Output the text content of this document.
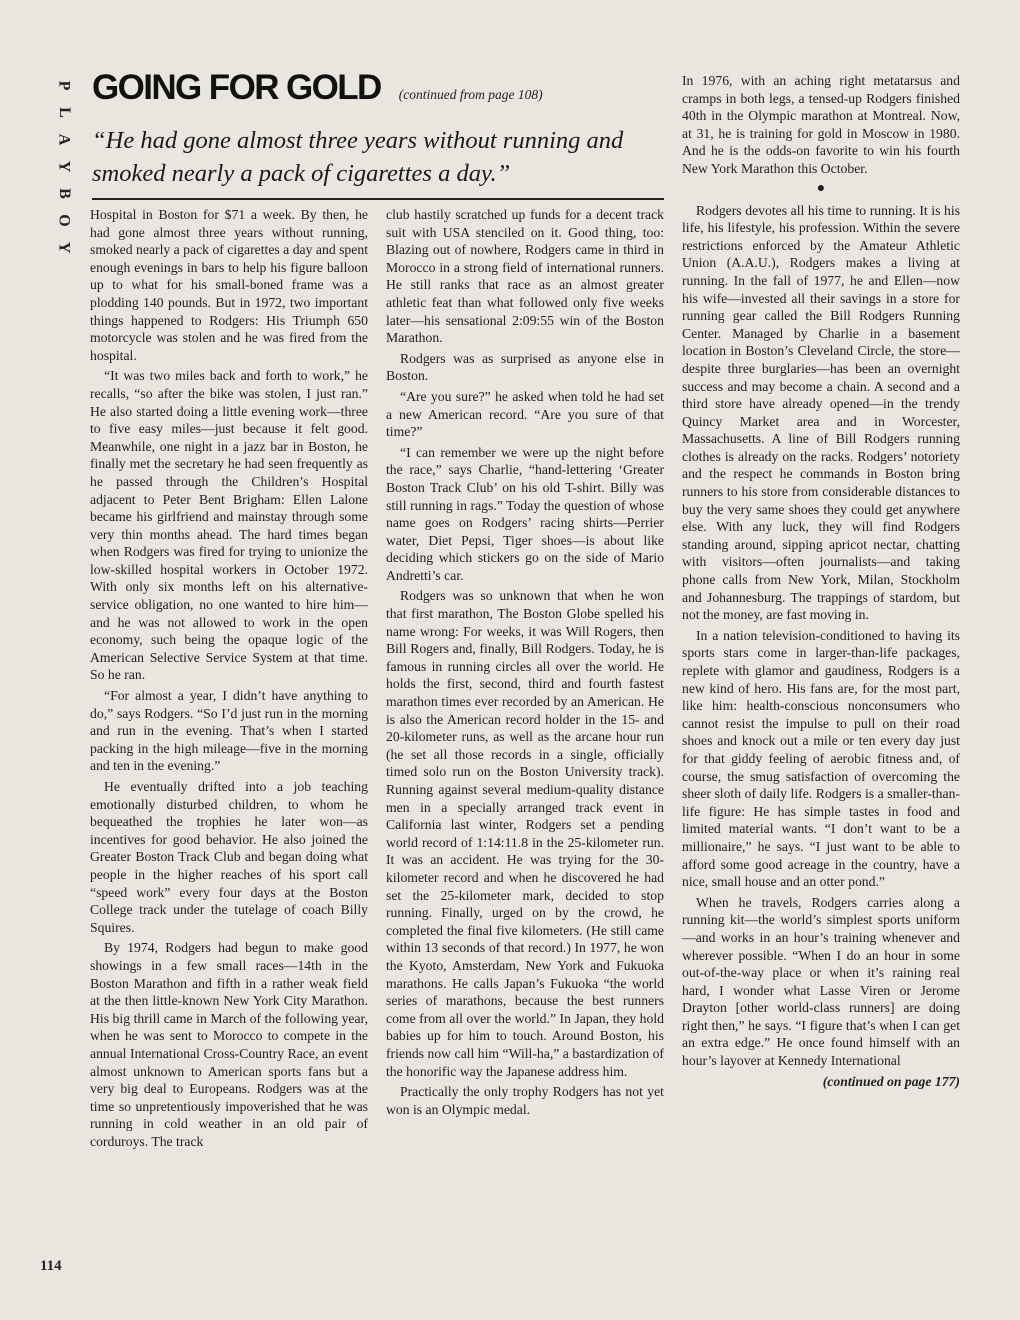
P
L
A
Y
B
O
Y
GOING FOR GOLD (continued from page 108)
“He had gone almost three years without running and smoked nearly a pack of cigarettes a day.”

Hospital in Boston for $71 a week. By then, he had gone almost three years without running, smoked nearly a pack of cigarettes a day and spent enough evenings in bars to help his figure balloon up to what for his small-boned frame was a plodding 140 pounds. But in 1972, two important things happened to Rodgers: His Triumph 650 motorcycle was stolen and he was fired from the hospital.

“It was two miles back and forth to work,” he recalls, “so after the bike was stolen, I just ran.” He also started doing a little evening work—three to five easy miles—just because it felt good. Meanwhile, one night in a jazz bar in Boston, he finally met the secretary he had seen frequently as he passed through the Children’s Hospital adjacent to Peter Bent Brigham: Ellen Lalone became his girlfriend and mainstay through some very thin months ahead. The hard times began when Rodgers was fired for trying to unionize the low-skilled hospital workers in October 1972. With only six months left on his alternative-service obligation, no one wanted to hire him—and he was not allowed to work in the open economy, such being the opaque logic of the American Selective Service System at that time. So he ran.

“For almost a year, I didn’t have anything to do,” says Rodgers. “So I’d just run in the morning and run in the evening. That’s when I started packing in the high mileage—five in the morning and ten in the evening.”

He eventually drifted into a job teaching emotionally disturbed children, to whom he bequeathed the trophies he later won—as incentives for good behavior. He also joined the Greater Boston Track Club and began doing what people in the higher reaches of his sport call “speed work” every four days at the Boston College track under the tutelage of coach Billy Squires.

By 1974, Rodgers had begun to make good showings in a few small races—14th in the Boston Marathon and fifth in a rather weak field at the then little-known New York City Marathon. His big thrill came in March of the following year, when he was sent to Morocco to compete in the annual International Cross-Country Race, an event almost unknown to American sports fans but a very big deal to Europeans. Rodgers was at the time so unpretentiously impoverished that he was running in cold weather in an old pair of corduroys. The track

club hastily scratched up funds for a decent track suit with USA stenciled on it. Good thing, too: Blazing out of nowhere, Rodgers came in third in Morocco in a strong field of international runners. He still ranks that race as an almost greater athletic feat than what followed only five weeks later—his sensational 2:09:55 win of the Boston Marathon.

Rodgers was as surprised as anyone else in Boston.

“Are you sure?” he asked when told he had set a new American record. “Are you sure of that time?”

“I can remember we were up the night before the race,” says Charlie, “hand-lettering ‘Greater Boston Track Club’ on his old T-shirt. Billy was still running in rags.” Today the question of whose name goes on Rodgers’ racing shirts—Perrier water, Diet Pepsi, Tiger shoes—is about like deciding which stickers go on the side of Mario Andretti’s car.

Rodgers was so unknown that when he won that first marathon, The Boston Globe spelled his name wrong: For weeks, it was Will Rogers, then Bill Rogers and, finally, Bill Rodgers. Today, he is famous in running circles all over the world. He holds the first, second, third and fourth fastest marathon times ever recorded by an American. He is also the American record holder in the 15- and 20-kilometer runs, as well as the arcane hour run (he set all those records in a single, officially timed solo run on the Boston University track). Running against several medium-quality distance men in a specially arranged track event in California last winter, Rodgers set a pending world record of 1:14:11.8 in the 25-kilometer run. It was an accident. He was trying for the 30-kilometer record and when he discovered he had set the 25-kilometer mark, decided to stop running. Finally, urged on by the crowd, he completed the final five kilometers. (He still came within 13 seconds of that record.) In 1977, he won the Kyoto, Amsterdam, New York and Fukuoka marathons. He calls Japan’s Fukuoka “the world series of marathons, because the best runners come from all over the world.” In Japan, they hold babies up for him to touch. Around Boston, his friends now call him “Will-ha,” a bastardization of the honorific way the Japanese address him.

Practically the only trophy Rodgers has not yet won is an Olympic medal.

In 1976, with an aching right metatarsus and cramps in both legs, a tensed-up Rodgers finished 40th in the Olympic marathon at Montreal. Now, at 31, he is training for gold in Moscow in 1980. And he is the odds-on favorite to win his fourth New York Marathon this October.

●

Rodgers devotes all his time to running. It is his life, his lifestyle, his profession. Within the severe restrictions enforced by the Amateur Athletic Union (A.A.U.), Rodgers makes a living at running. In the fall of 1977, he and Ellen—now his wife—invested all their savings in a store for running gear called the Bill Rodgers Running Center. Managed by Charlie in a basement location in Boston’s Cleveland Circle, the store—despite three burglaries—has been an overnight success and may become a chain. A second and a third store have already opened—in the trendy Quincy Market area and in Worcester, Massachusetts. A line of Bill Rodgers running clothes is already on the racks. Rodgers’ notoriety and the respect he commands in Boston bring runners to his store from considerable distances to buy the very same shoes they could get anywhere else. With any luck, they will find Rodgers standing around, sipping apricot nectar, chatting with visitors—often journalists—and taking phone calls from New York, Milan, Stockholm and Johannesburg. The trappings of stardom, but not the money, are fast moving in.

In a nation television-conditioned to having its sports stars come in larger-than-life packages, replete with glamor and gaudiness, Rodgers is a new kind of hero. His fans are, for the most part, like him: health-conscious nonconsumers who cannot resist the impulse to pull on their road shoes and knock out a mile or ten every day just for that giddy feeling of aerobic fitness and, of course, the smug satisfaction of overcoming the sheer sloth of daily life. Rodgers is a smaller-than-life figure: He has simple tastes in food and limited material wants. “I don’t want to be a millionaire,” he says. “I just want to be able to afford some good acreage in the country, have a nice, small house and an otter pond.”

When he travels, Rodgers carries along a running kit—the world’s simplest sports uniform—and works in an hour’s training whenever and wherever possible. “When I do an hour in some out-of-the-way place or when it’s raining real hard, I wonder what Lasse Viren or Jerome Drayton [other world-class runners] are doing right then,” he says. “I figure that’s when I can get an extra edge.” He once found himself with an hour’s layover at Kennedy International

(continued on page 177)
114
